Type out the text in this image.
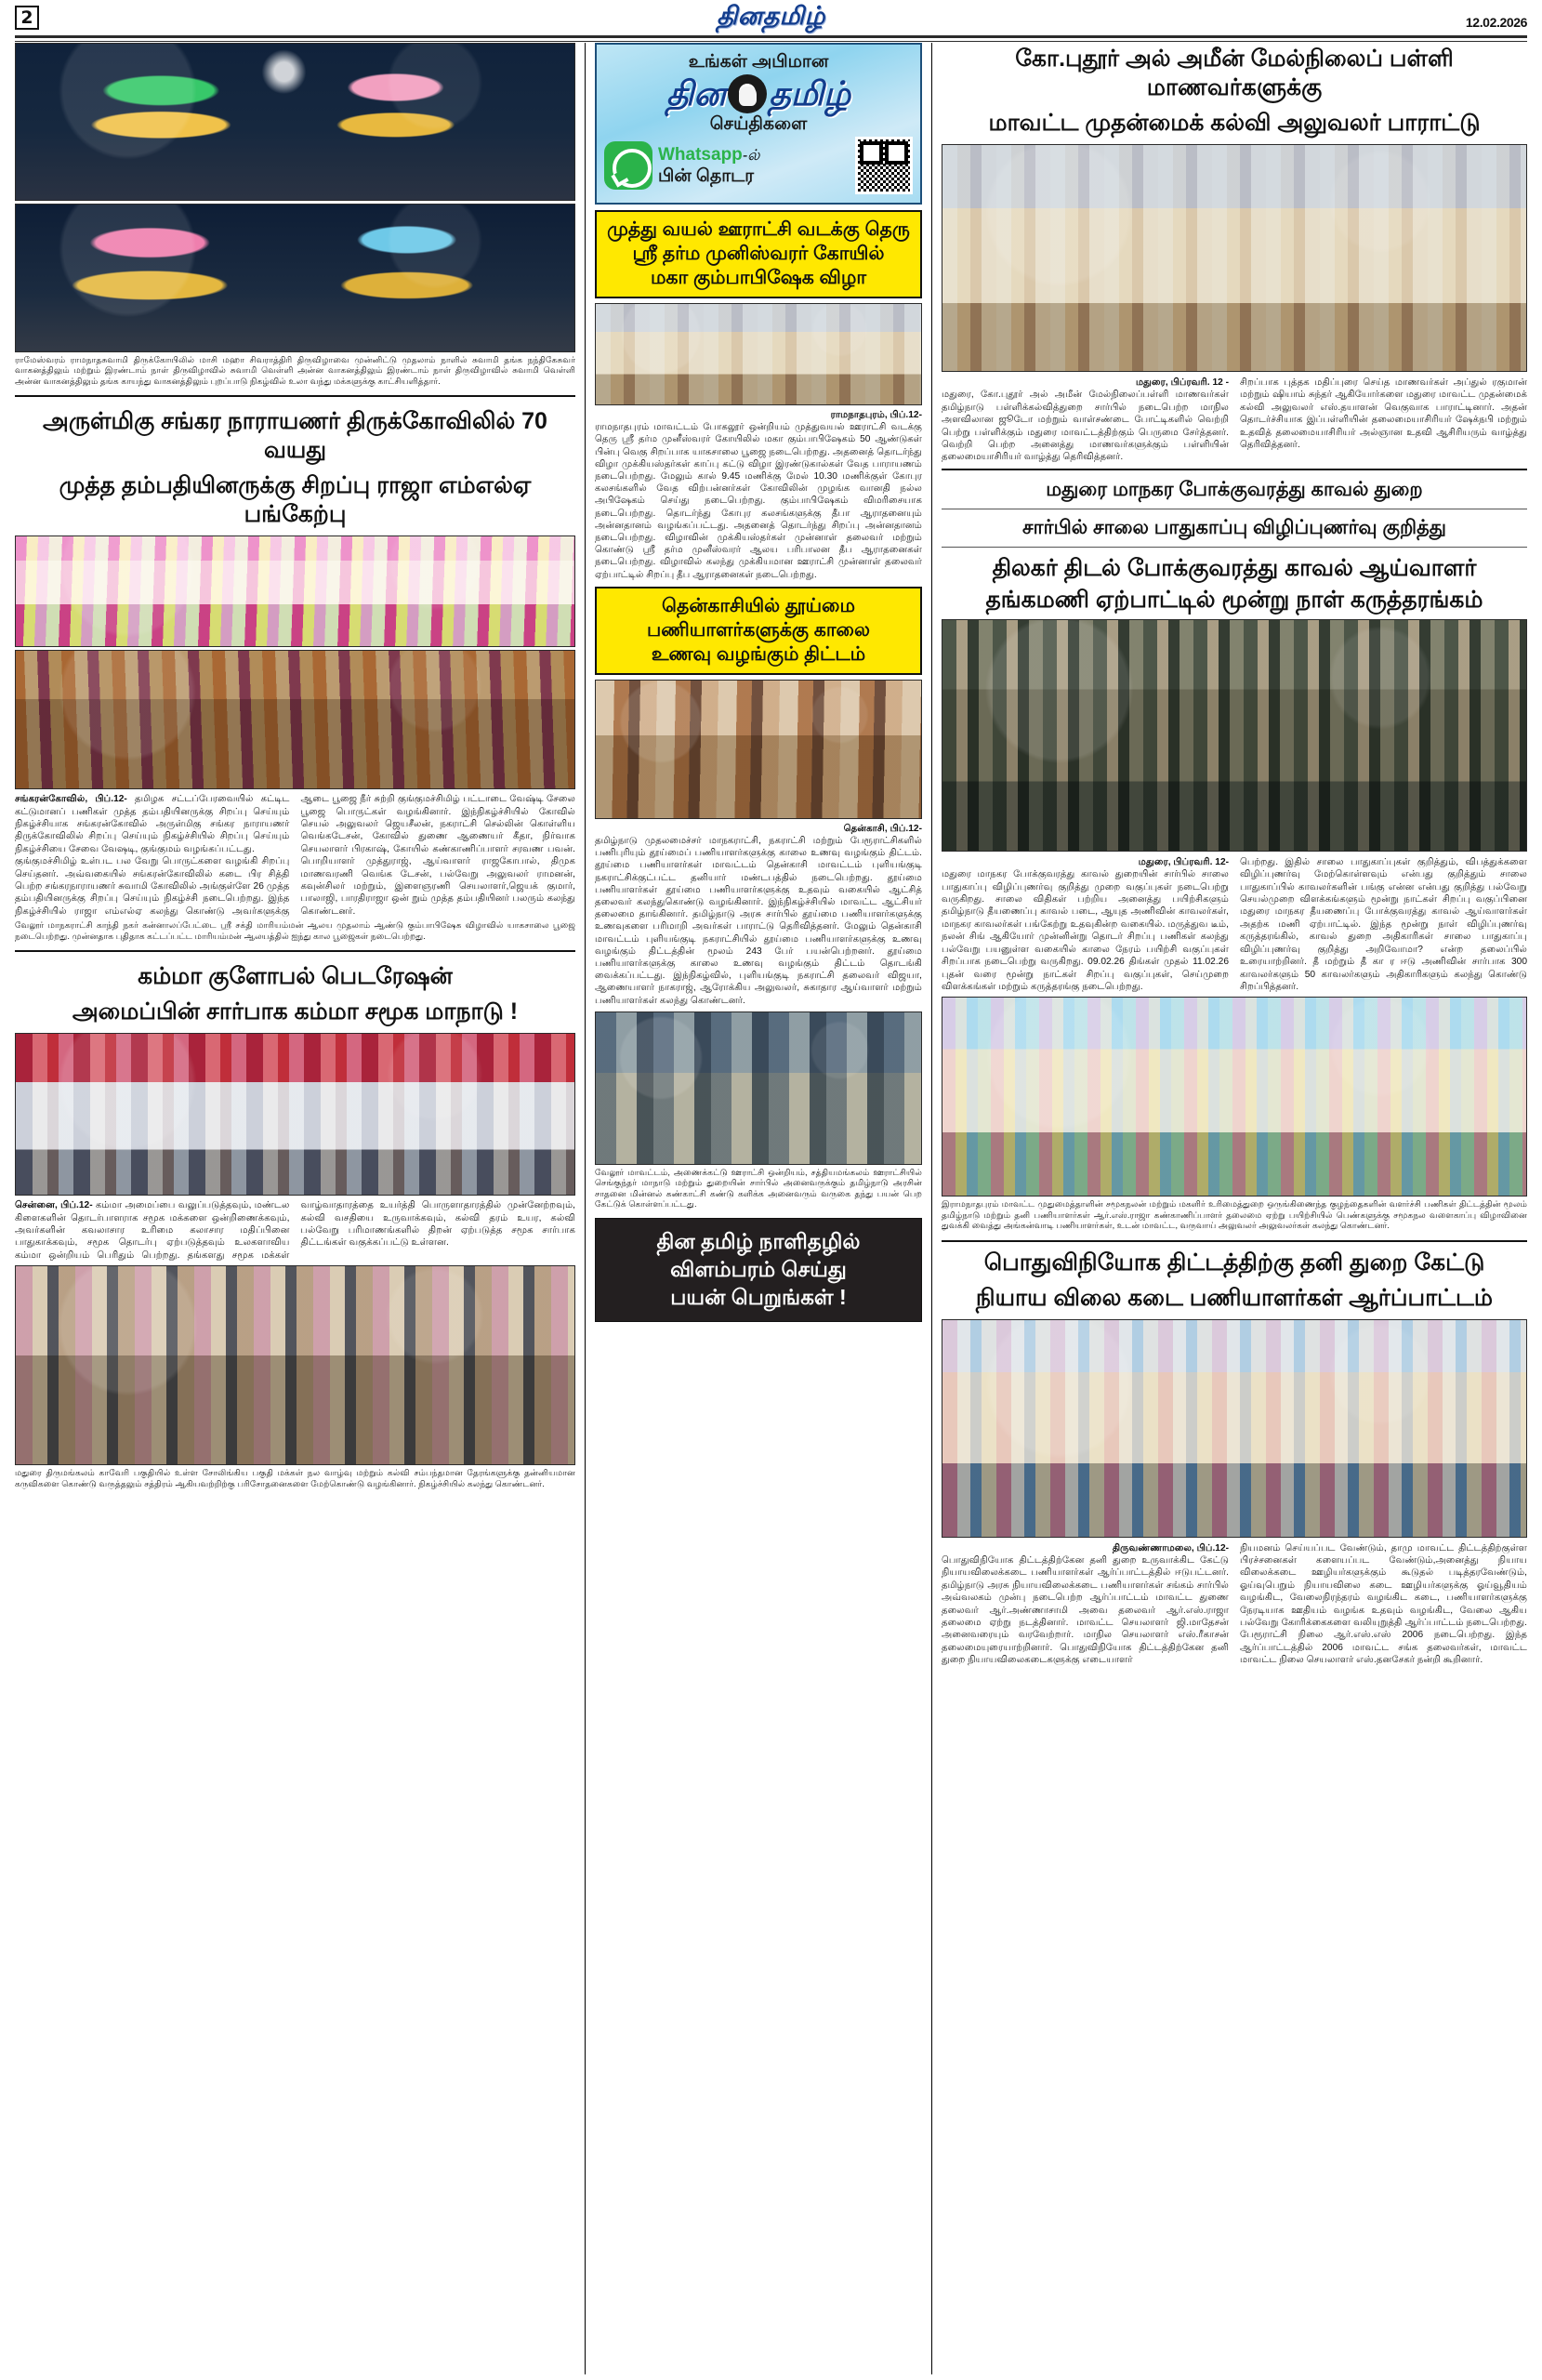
2	தினதமிழ்	12.02.2026
ராமேஸ்வரம் ராமநாதசுவாமி திருக்கோயிலில் மாசி மஹா சிவராத்திரி திருவிழாவை முன்னிட்டு முதலாம் நாளில் சுவாமி தங்க நந்திகேசுவர் வாகனத்திலும் மற்றும் இரண்டாம் நாள் திருவிழாவில் சுவாமி வெள்ளி அன்ன வாகனத்திலும் இரண்டாம் நாள் திருவிழாவில் சுவாமி வெள்ளி அன்ன வாகனத்திலும் தங்க காயந்து வாகனத்திலும் புறப்பாடு நிகழ்வில் உலா வந்து மக்களுக்கு காட்சியளித்தார்.
அருள்மிகு சங்கர நாராயணர் திருக்கோவிலில் 70 வயது
முத்த தம்பதியினருக்கு சிறப்பு ராஜா எம்எல்ஏ பங்கேற்பு

சங்கரன்கோவில், பிப்.12- தமிழக சட்டப்பேரவையில் கட்டிட கட்டுமானப் பணிகள் முத்த தம்பதியினருக்கு சிறப்பு செய்யும் நிகழ்ச்சியாக சங்கரன்கோவில் அருள்மிகு சங்கர நாராயணர் திருக்கோவிலில் சிறப்பு செய்யும் நிகழ்ச்சியில் சிறப்பு செய்யும் நிகழ்ச்சியை சேவை வேஷடி, குங்குமம் வழங்கப்பட்டது.

குங்குமச்சிமிழ் உள்பட பல வேறு பொருட்களை வழங்கி சிறப்பு செய்தனர். அவ்வகையில் சங்கரன்கோவிலில் கடை பிர சித்தி பெற்ற சங்கரநாராயணர் சுவாமி கோவிலில் அங்குள்ளே 26 முத்த தம்பதியினருக்கு சிறப்பு செய்யும் நிகழ்ச்சி நடைபெற்றது. இந்த நிகழ்ச்சியில் ராஜா எம்எல்ஏ கலந்து கொண்டு அவர்களுக்கு ஆடை பூஜை நீர் சுற்றி குங்குமச்சிமிழ் பட்டாடை வேஷ்டி சேலை பூஜை பொருட்கள் வழங்கினார். இந்நிகழ்ச்சியில் கோவில் செயல் அலுவலர் ஜெயசீலன், நகராட்சி செல்லின் கொள்ளிய வெங்கடேசன், கோவில் துணை ஆணையர் கீதா, நிர்வாக செயலாளர் பிரகாஷ், கோயில் கண்காணிப்பாளர் சரவண பவன். பொறியாளர் முத்துராஜ், ஆய்வாளர் ராஜகோபால், திமுக மாணவரணி வெங்க டேசன், பல்வேறு அலுவலர் ராமனன், கவுன்சிலர் மற்றும், இளைஞரணி செயலாளர்,ஜெயக் குமார், பாலாஜி, பாரதிராஜா ஒன் றும் முத்த தம்பதியினர் பலரும் கலந்து கொண்டனர்.

வேலூர் மாநகராட்சி காந்தி நகர் கன்னாலப்பேட்டை ஶ்ரீ சக்தி மாரியம்மன் ஆலய முதலாம் ஆண்டு கும்பாபிஷேக விழாவில் யாகசாலை பூஜை நடைபெற்றது. முன்னதாக புதிதாக கட்டப்பட்ட மாரியம்மன் ஆலயத்தில் ஐந்து கால பூஜைகள் நடைபெற்றது.
கம்மா குளோபல் பெடரேஷன்
அமைப்பின் சார்பாக கம்மா சமூக மாநாடு !

சென்னை, பிப்.12- கம்மா அமைப்பை வலுப்படுத்தவும், மண்டல கிளைகளின் தொடர்பாளராக சமூக மக்களை ஒன்றிணைக்கவும், அவர்களின் கவலாசார உரிமை கலாசார மதிப்பினை பாதுகாக்கவும், சமூக தொடர்பு ஏற்படுத்தவும் உலகளாவிய கம்மா ஒன்றியம் பெரிதும் பெற்றது. தங்களது சமூக மக்கள் வாழ்வாதாரத்தை உயர்த்தி பொருளாதாரத்தில் முன்னேற்றவும், கல்வி வசதியை உருவாக்கவும், கல்வி தரம் உயர, கல்வி பல்வேறு பரிமாணங்களில் திறன் ஏற்படுத்த சமூக சார்பாக திட்டங்கள் வகுக்கப்பட்டு உள்ளன.

மதுரை திருமங்கலம் காவேரி பகுதியில் உள்ள சோலிங்கிய பகுதி மக்கள் நல வாழ்வு மற்றும் கல்வி சம்பந்தமான தேரங்களுக்கு தன்னியமான கருவிகளை கொண்டு வருத்தலும் சத்திரம் ஆகியவற்றிற்கு பரிசோதனைகளை மேற்கொண்டு வழங்கினார். நிகழ்ச்சியில் கலந்து கொண்டனர்.
உங்கள் அபிமான
தின தமிழ்
செய்திகளை
Whatsapp-ல்
பின் தொடர
முத்து வயல் ஊராட்சி வடக்கு தெரு
ஸ்ரீ தர்ம முனிஸ்வரர் கோயில்
மகா கும்பாபிஷேக விழா

ராமநாதபுரம், பிப்.12-

ராமநாதபுரம் மாவட்டம் போகலூர் ஒன்றியம் முத்துவயல் ஊராட்சி வடக்கு தெரு ஸ்ரீ தர்ம முனீஸ்வரர் கோயிலில் மகா கும்பாபிஷேகம் 50 ஆண்டுகள் பின்பு வெகு சிறப்பாக யாகசாலை பூஜை நடைபெற்றது. அதனைத் தொடர்ந்து விழா முக்கியஸ்தர்கள் காப்பு கட்டு விழா இரண்டுகால்கள் வேத பாராயணம் நடைபெற்றது. மேலும் கால் 9.45 மணிக்கு மேல் 10.30 மணிக்குள் கோபுர கலசங்களில் வேத விற்பன்னர்கள் கோவிலின் முழங்க வானதி நல்ல அபிஷேகம் செய்து நடைபெற்றது. கும்பாபிஷேகம் விமரிசையாக நடைபெற்றது. தொடர்ந்து கோபுர கலசங்களுக்கு தீபா ஆராதனையும் அன்னதானம் வழங்கப்பட்டது. அதனைத் தொடர்ந்து சிறப்பு அன்னதானம் நடைபெற்றது. விழாவின் முக்கியஸ்தர்கள் முன்னாள் தலைவர் மற்றும் கொண்டு ஸ்ரீ தர்ம முனீஸ்வரர் ஆலய பரிபாலன தீப ஆராதனைகள் நடைபெற்றது. விழாவில் கலந்து முக்கியமான ஊராட்சி முன்னாள் தலைவர் ஏற்பாட்டில் சிறப்பு தீப ஆராதனைகள் நடைபெற்றது.

தென்காசியில் தூய்மை
பணியாளர்களுக்கு காலை
உணவு வழங்கும் திட்டம்

தென்காசி, பிப்.12-

தமிழ்நாடு முதலமைச்சர் மாநகராட்சி, நகராட்சி மற்றும் பேரூராட்சிகளில் பணிபுரியும் தூய்மைப் பணியாளர்களுக்கு காலை உணவு வழங்கும் திட்டம். தூய்மை பணியாளர்கள் மாவட்டம் தென்காசி மாவட்டம் புளியங்குடி நகராட்சிக்குட்பட்ட தனியார் மண்டபத்தில் நடைபெற்றது. தூய்மை பணியாளர்கள் தூய்மை பணியாளர்களுக்கு உதவும் வகையில் ஆட்சித் தலைவர் கலந்துகொண்டு வழங்கினார். இந்நிகழ்ச்சியில் மாவட்ட ஆட்சியர் தலைமை தாங்கினார். தமிழ்நாடு அரசு சார்பில் தூய்மை பணியாளர்களுக்கு உணவுகளை பரிமாறி அவர்கள் பாராட்டு தெரிவித்தனர். மேலும் தென்காசி மாவட்டம் புளியங்குடி நகராட்சியில் தூய்மை பணியாளர்களுக்கு உணவு வழங்கும் திட்டத்தின் மூலம் 243 பேர் பயன்பெற்றனர். தூய்மை பணியாளர்களுக்கு காலை உணவு வழங்கும் திட்டம் தொடங்கி வைக்கப்பட்டது. இந்நிகழ்வில், புளியங்குடி நகராட்சி தலைவர் விஜயா, ஆணையாளர் நாகராஜ், ஆரோக்கிய அலுவலர், சுகாதார ஆய்வாளர் மற்றும் பணியாளர்கள் கலந்து கொண்டனர்.

வேலூர் மாவட்டம், அணைக்கட்டு ஊராட்சி ஒன்றியம், சத்தியமங்கலம் ஊராட்சியில் செங்குந்தர் மாநாடு மற்றும் துறையின் சார்பில் அனைவருக்கும் தமிழ்நாடு அரசின் சாதனை மின்னல் கண்காட்சி கண்டு களிக்க அனைவரும் வருகை தந்து பயன் பெற கேட்டுக் கொள்ளப்பட்டது.
தின தமிழ் நாளிதழில்
விளம்பரம் செய்து
பயன் பெறுங்கள் !
கோ.புதூர் அல் அமீன் மேல்நிலைப் பள்ளி மாணவர்களுக்கு
மாவட்ட முதன்மைக் கல்வி அலுவலர் பாராட்டு

மதுரை, பிப்ரவரி. 12 -

மதுரை, கோ.புதூர் அல் அமீன் மேல்நிலைப்பள்ளி மாணவர்கள் தமிழ்நாடு பள்ளிக்கல்வித்துறை சார்பில் நடைபெற்ற மாநில அளவிலான ஜூடோ மற்றும் வாள்சண்டை போட்டிகளில் வெற்றி பெற்று பள்ளிக்கும் மதுரை மாவட்டத்திற்கும் பெருமை சேர்த்தனர். வெற்றி பெற்ற அனைத்து மாணவர்களுக்கும் பள்ளியின் தலைமையாசிரியர் வாழ்த்து தெரிவித்தனர்.

சிறப்பாக புத்தக மதிப்புரை செய்த மாணவர்கள் அப்துல் ரகுமான் மற்றும் ஷியாம் சுந்தர் ஆகியோர்களை மதுரை மாவட்ட முதன்மைக் கல்வி அலுவலர் எஸ்.தயாளன் வெகுவாக பாராட்டினார். அதன் தொடர்ச்சியாக இப்பள்ளியின் தலைமையாசிரியர் ஷேக்நபி மற்றும் உதவித் தலைமையாசிரியர் அல்ஞான உதவி ஆசிரியரும் வாழ்த்து தெரிவித்தனர்.

மதுரை மாநகர போக்குவரத்து காவல் துறை
சார்பில் சாலை பாதுகாப்பு விழிப்புணர்வு குறித்து
திலகர் திடல் போக்குவரத்து காவல் ஆய்வாளர்
தங்கமணி ஏற்பாட்டில் மூன்று நாள் கருத்தரங்கம்

மதுரை, பிப்ரவரி. 12-

மதுரை மாநகர போக்குவரத்து காவல் துறையின் சார்பில் சாலை பாதுகாப்பு விழிப்புணர்வு குறித்து முறை வகுப்புகள் நடைபெற்று வருகிறது. சாலை விதிகள் பற்றிய அனைத்து பயிற்சிகளும் தமிழ்நாடு தீயணைப்பு காவல் படை, ஆயுத அணிவின் காவலர்கள், மாநகர காவலர்கள் பங்கேற்று உதவுகின்ற வகையில். மருத்துவ டீம், நலன் சிங் ஆகியோர் முன்னின்று தொடர் சிறப்பு பணிகள் கலந்து பல்வேறு பயனுள்ள வகையில் காலை நேரம் பயிற்சி வகுப்புகள் சிறப்பாக நடைபெற்று வருகிறது. 09.02.26 திங்கள் முதல் 11.02.26 புதன் வரை மூன்று நாட்கள் சிறப்பு வகுப்புகள், செய்முறை விளக்கங்கள் மற்றும் கருத்தரங்கு நடைபெற்றது.

பெற்றது. இதில் சாலை பாதுகாப்புகள் குறித்தும், விபத்துக்களை விழிப்புணர்வு மேற்கொள்ளவும் என்பது குறித்தும் சாலை பாதுகாப்பில் காவலர்களின் பங்கு என்ன என்பது குறித்து பல்வேறு செயல்முறை விளக்கங்களும் மூன்று நாட்கள் சிறப்பு வகுப்பினை மதுரை மாநகர தீயணைப்பு போக்குவரத்து காவல் ஆய்வாளர்கள் அதற்க மணி ஏற்பாட்டில். இந்த மூன்று நாள் விழிப்புணர்வு கருத்தரங்கில், காவல் துறை அதிகாரிகள் சாலை பாதுகாப்பு விழிப்புணர்வு குறித்து அறிவோமா? என்ற தலைப்பில் உரையாற்றினர். தீ மற்றும் தீ கா ர ஈடு அணிவின் சார்பாக 300 காவலர்களும் 50 காவலர்களும் அதிகாரிகளும் கலந்து கொண்டு சிறப்பித்தனர்.

இராமநாதபுரம் மாவட்ட முதுமைத்தாளின் சமூகநலன் மற்றும் மகளிர் உரிமைத்துறை ஒருங்கிணைந்த குழந்தைகளின் வளர்ச்சி பணிகள் திட்டத்தின் மூலம் தமிழ்நாடு மற்றும் தனி பணியாளர்கள் ஆர்.எஸ்.ராஜா கண்காணிப்பாளர் தலைமை ஏற்று பயிற்சியில் பெண்களுக்கு சமூகநல வளைகாப்பு விழாவினை துவக்கி வைத்து அங்கன்வாடி பணியாளர்கள், உடன் மாவட்ட, வருவாய் அலுவலர் அலுவலர்கள் கலந்து கொண்டனர்.
பொதுவிநியோக திட்டத்திற்கு தனி துறை கேட்டு
நியாய விலை கடை பணியாளர்கள் ஆர்ப்பாட்டம்

திருவண்ணாமலை, பிப்.12-

பொதுவிநியோக திட்டத்திற்கேன தனி துறை உருவாக்கிட கேட்டு நியாயவிலைக்கடை பணியாளர்கள் ஆர்ப்பாட்டத்தில் ஈடுபட்டனர். தமிழ்நாடு அரசு நியாயவிலைக்கடை பணியாளர்கள் சங்கம் சார்பில் அவ்வலகம் முன்பு நடைபெற்ற ஆர்ப்பாட்டம் மாவட்ட துணை தலைவர் ஆர்.அண்ணாசாமி அவை தலைவர் ஆர்.எஸ்.ராஜா தலைமை ஏற்று நடத்தினார். மாவட்ட செயலாளர் ஜி.மாதேசன் அனைவரையும் வரவேற்றார். மாநில செயலாளர் எஸ்.ரீகாசன் தலைமையுரையாற்றினார். பொதுவிநியோக திட்டத்திற்கேன தனி துறை நியாயவிலைகடைகளுக்கு எடையாளர்

நியமனம் செய்யப்பட வேண்டும், தாமு மாவட்ட திட்டத்திற்குள்ள பிரச்சனைகள் களையப்பட வேண்டும்,அனைத்து நியாய விலைக்கடை ஊழியர்களுக்கும் கூடுதல் படித்தரவேண்டும், ஓய்வுபெறும் நியாயவிலை கடை ஊழியர்களுக்கு ஓய்வூதியம் வழங்கிட, வேலைநிரந்தரம் வழங்கிட கடை, பணியாளர்களுக்கு நேரடியாக ஊதியம் வழங்க உதவும் வழங்கிட, வேலை ஆகிய பல்வேறு கோரிக்கைகளை வலியுறுத்தி ஆர்ப்பாட்டம் நடைபெற்றது. பேரூராட்சி நிலை ஆர்.எஸ்.எஸ் 2006 நடைபெற்றது. இந்த ஆர்ப்பாட்டத்தில் 2006 மாவட்ட சங்க தலைவர்கள், மாவட்ட மாவட்ட நிலை செயலாளர் எஸ்.தனசேகர் நன்றி கூறினார்.
